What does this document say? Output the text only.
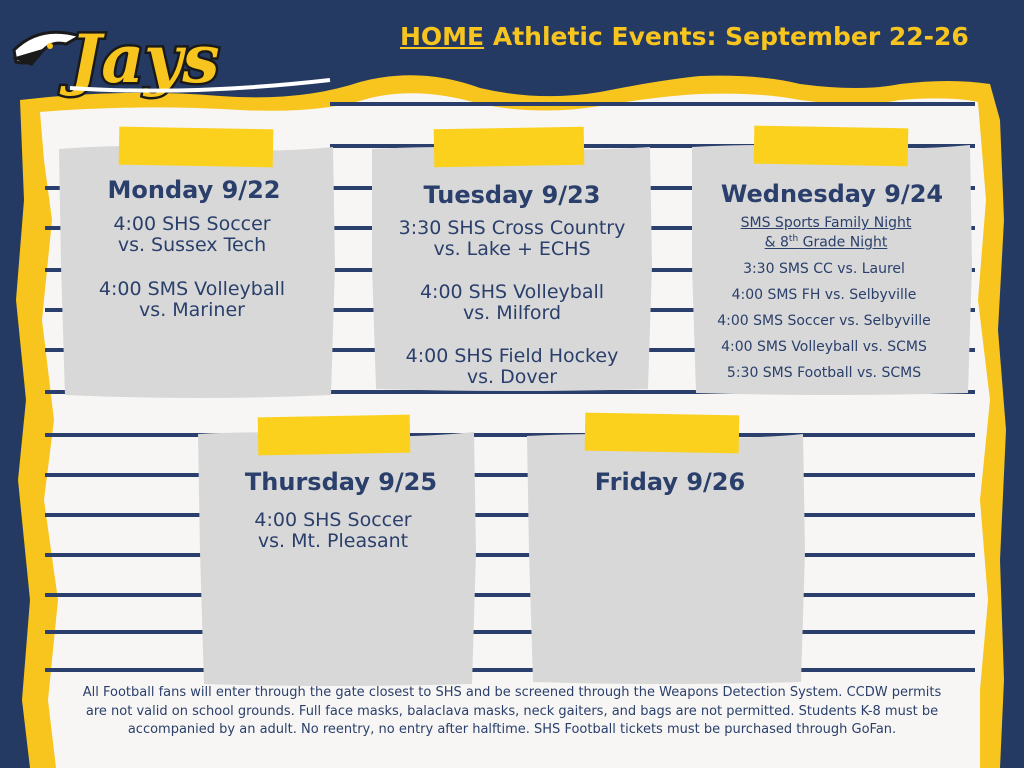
Jays	HOME Athletic Events: September 22-26
Monday 9/22
4:00 SHS Soccer
vs. Sussex Tech
4:00 SMS Volleyball
vs. Mariner
Tuesday 9/23
3:30 SHS Cross Country
vs. Lake + ECHS
4:00 SHS Volleyball
vs. Milford
4:00 SHS Field Hockey
vs. Dover
Wednesday 9/24
SMS Sports Family Night
& 8th Grade Night
3:30 SMS CC vs. Laurel
4:00 SMS FH vs. Selbyville
4:00 SMS Soccer vs. Selbyville
4:00 SMS Volleyball vs. SCMS
5:30 SMS Football vs. SCMS
Thursday 9/25
4:00 SHS Soccer
vs. Mt. Pleasant
Friday 9/26
All Football fans will enter through the gate closest to SHS and be screened through the Weapons Detection System. CCDW permits are not valid on school grounds. Full face masks, balaclava masks, neck gaiters, and bags are not permitted. Students K-8 must be accompanied by an adult. No reentry, no entry after halftime. SHS Football tickets must be purchased through GoFan.
